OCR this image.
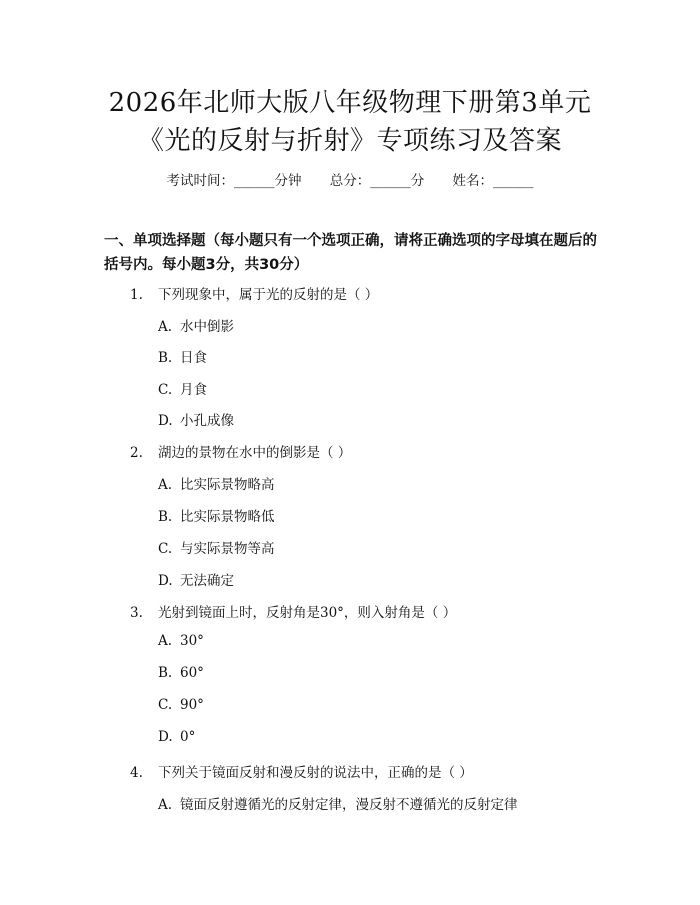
2026年北师大版八年级物理下册第3单元
《光的反射与折射》专项练习及答案
考试时间：______分钟 总分：______分 姓名：______
一、单项选择题（每小题只有一个选项正确，请将正确选项的字母填在题后的括号内。每小题3分，共30分）
1. 下列现象中，属于光的反射的是（ ）
A. 水中倒影
B. 日食
C. 月食
D. 小孔成像
2. 湖边的景物在水中的倒影是（ ）
A. 比实际景物略高
B. 比实际景物略低
C. 与实际景物等高
D. 无法确定
3. 光射到镜面上时，反射角是30°，则入射角是（ ）
A. 30°
B. 60°
C. 90°
D. 0°
4. 下列关于镜面反射和漫反射的说法中，正确的是（ ）
A. 镜面反射遵循光的反射定律，漫反射不遵循光的反射定律
